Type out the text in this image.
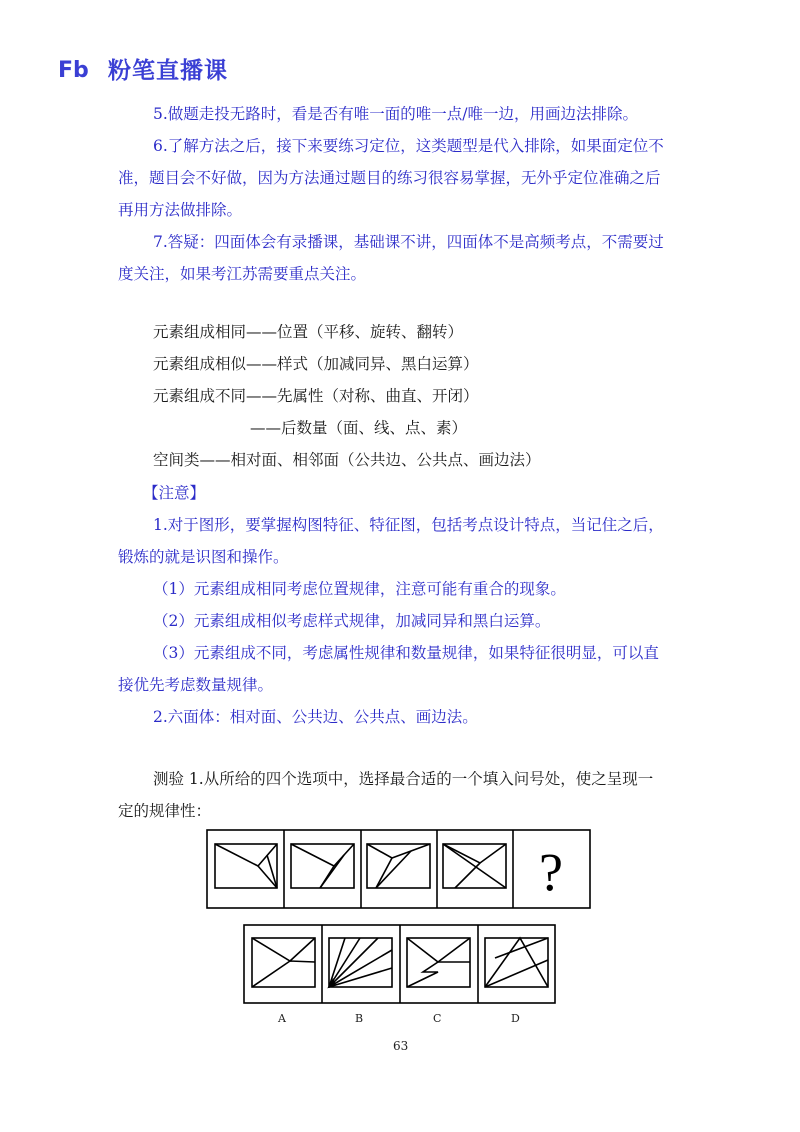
Fb 粉笔直播课
5.做题走投无路时，看是否有唯一面的唯一点/唯一边，用画边法排除。
6.了解方法之后，接下来要练习定位，这类题型是代入排除，如果面定位不
准，题目会不好做，因为方法通过题目的练习很容易掌握，无外乎定位准确之后
再用方法做排除。
7.答疑：四面体会有录播课，基础课不讲，四面体不是高频考点，不需要过
度关注，如果考江苏需要重点关注。
元素组成相同——位置（平移、旋转、翻转）
元素组成相似——样式（加减同异、黑白运算）
元素组成不同——先属性（对称、曲直、开闭）
——后数量（面、线、点、素）
空间类——相对面、相邻面（公共边、公共点、画边法）
【注意】
1.对于图形，要掌握构图特征、特征图，包括考点设计特点，当记住之后，
锻炼的就是识图和操作。
（1）元素组成相同考虑位置规律，注意可能有重合的现象。
（2）元素组成相似考虑样式规律，加减同异和黑白运算。
（3）元素组成不同，考虑属性规律和数量规律，如果特征很明显，可以直
接优先考虑数量规律。
2.六面体：相对面、公共边、公共点、画边法。
测验 1.从所给的四个选项中，选择最合适的一个填入问号处，使之呈现一
定的规律性：
?
A	B	C	D
63
